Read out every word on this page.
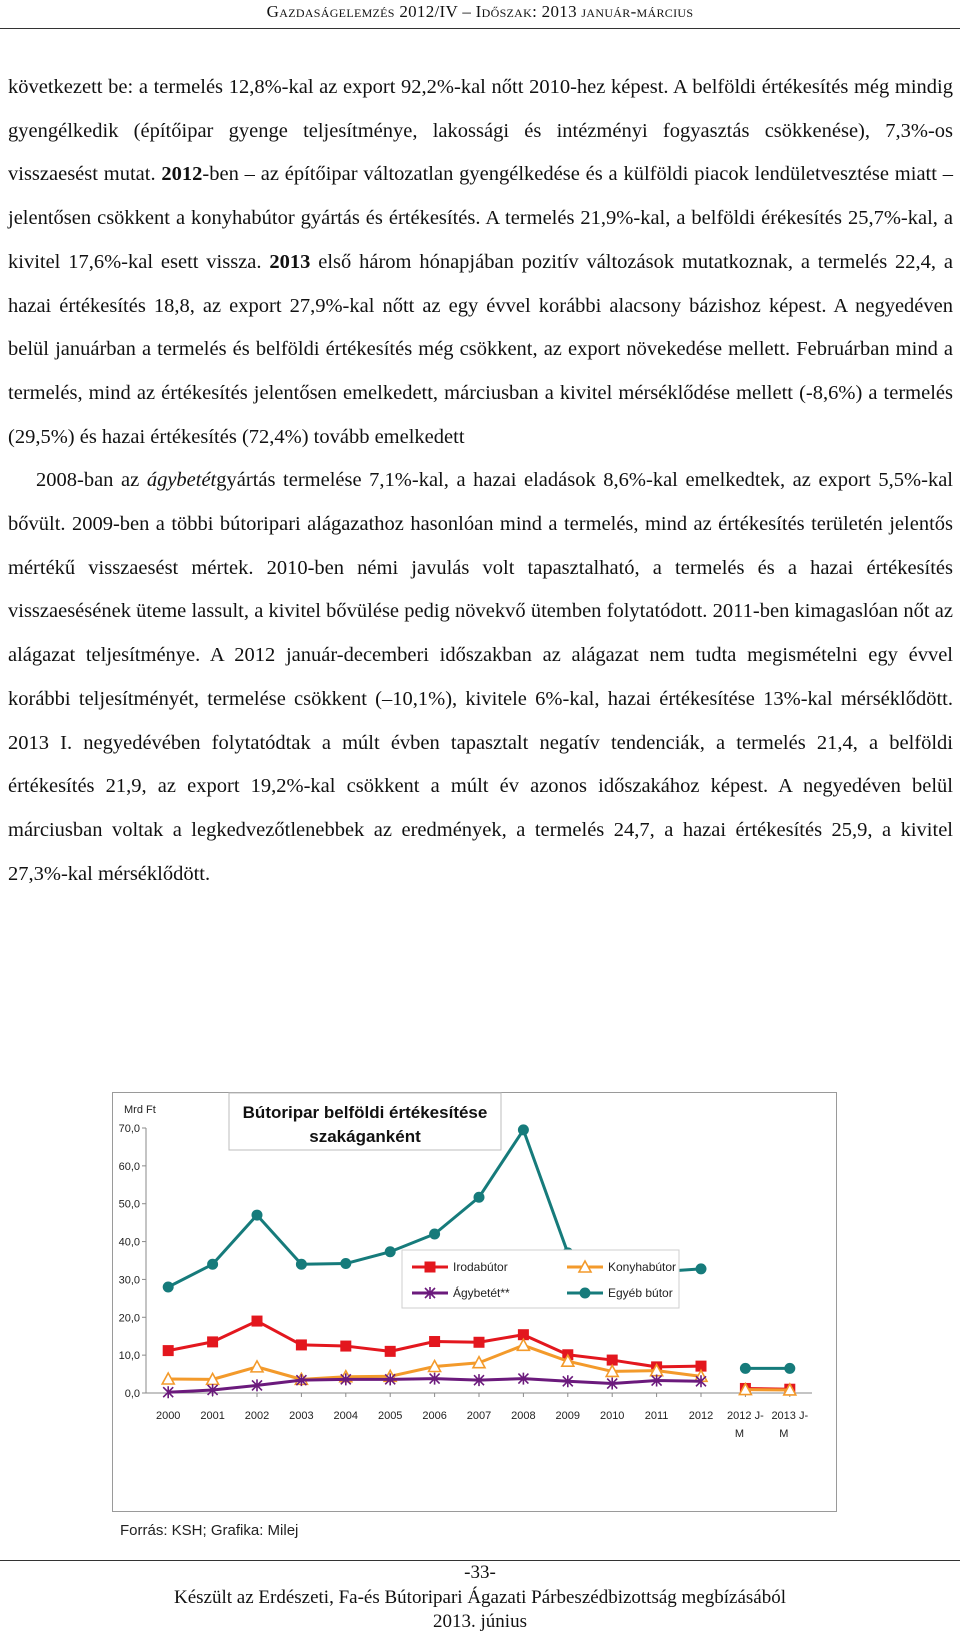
Gazdaságelemzés 2012/IV – Időszak: 2013 január-március

következett be: a termelés 12,8%-kal az export 92,2%-kal nőtt 2010-hez képest. A belföldi értékesítés még mindig gyengélkedik (építőipar gyenge teljesítménye, lakossági és intézményi fogyasztás csökkenése), 7,3%-os visszaesést mutat. 2012-ben – az építőipar változatlan gyengélkedése és a külföldi piacok lendületvesztése miatt – jelentősen csökkent a konyhabútor gyártás és értékesítés. A termelés 21,9%-kal, a belföldi érékesítés 25,7%-kal, a kivitel 17,6%-kal esett vissza. 2013 első három hónapjában pozitív változások mutatkoznak, a termelés 22,4, a hazai értékesítés 18,8, az export 27,9%-kal nőtt az egy évvel korábbi alacsony bázishoz képest. A negyedéven belül januárban a termelés és belföldi értékesítés még csökkent, az export növekedése mellett. Februárban mind a termelés, mind az értékesítés jelentősen emelkedett, márciusban a kivitel mérséklődése mellett (-8,6%) a termelés (29,5%) és hazai értékesítés (72,4%) tovább emelkedett

2008-ban az ágybetétgyártás termelése 7,1%-kal, a hazai eladások 8,6%-kal emelkedtek, az export 5,5%-kal bővült. 2009-ben a többi bútoripari alágazathoz hasonlóan mind a termelés, mind az értékesítés területén jelentős mértékű visszaesést mértek. 2010-ben némi javulás volt tapasztalható, a termelés és a hazai értékesítés visszaesésének üteme lassult, a kivitel bővülése pedig növekvő ütemben folytatódott. 2011-ben kimagaslóan nőt az alágazat teljesítménye. A 2012 január-decemberi időszakban az alágazat nem tudta megismételni egy évvel korábbi teljesítményét, termelése csökkent (–10,1%), kivitele 6%-kal, hazai értékesítése 13%-kal mérséklődött. 2013 I. negyedévében folytatódtak a múlt évben tapasztalt negatív tendenciák, a termelés 21,4, a belföldi értékesítés 21,9, az export 19,2%-kal csökkent a múlt év azonos időszakához képest. A negyedéven belül márciusban voltak a legkedvezőtlenebbek az eredmények, a termelés 24,7, a hazai értékesítés 25,9, a kivitel 27,3%-kal mérséklődött.

0,0
10,0
20,0
30,0
40,0
50,0
60,0
70,0
Mrd Ft
2000 2001 2002 2003 2004 2005 2006 2007 2008 2009 2010 2011 2012 2012 J-
M
2013 J-
M
Bútoripar belföldi értékesítése
szakáganként
Irodabútor	Konyhabútor
Ágybetét**	Egyéb bútor
Forrás: KSH; Grafika: Milej
-33-
Készült az Erdészeti, Fa-és Bútoripari Ágazati Párbeszédbizottság megbízásából
2013. június
